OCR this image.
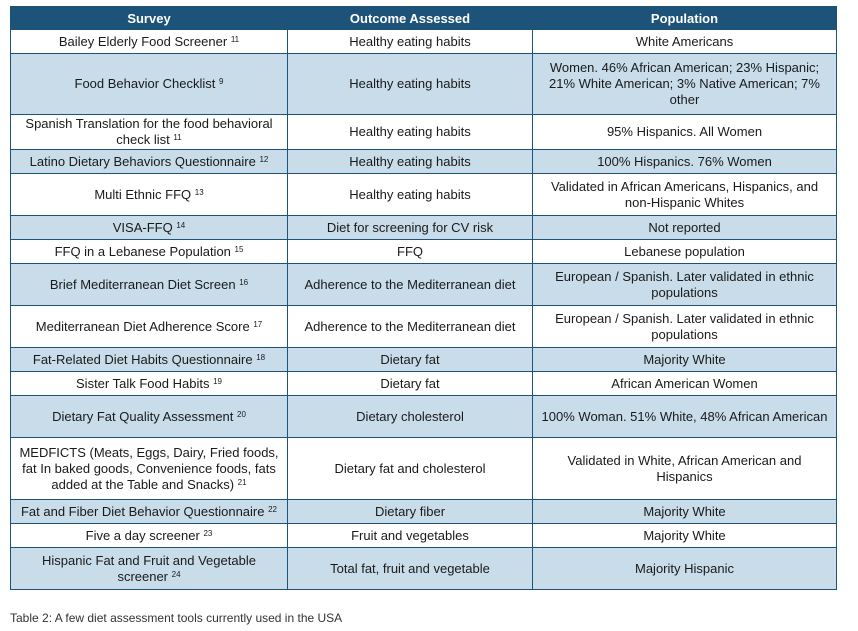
Survey	Outcome Assessed	Population
Bailey Elderly Food Screener $^{11}$	Healthy eating habits	White Americans
Food Behavior Checklist $^9$	Healthy eating habits	Women. 46% African American; 23% Hispanic; 21% White American; 3% Native American; 7% other
Spanish Translation for the food behavioral check list $^{11}$	Healthy eating habits	95% Hispanics. All Women
Latino Dietary Behaviors Questionnaire $^{12}$	Healthy eating habits	100% Hispanics. 76% Women
Multi Ethnic FFQ $^{13}$	Healthy eating habits	Validated in African Americans, Hispanics, and non-Hispanic Whites
VISA-FFQ $^{14}$	Diet for screening for CV risk	Not reported
FFQ in a Lebanese Population $^{15}$	FFQ	Lebanese population
Brief Mediterranean Diet Screen $^{16}$	Adherence to the Mediterranean diet	European / Spanish. Later validated in ethnic populations
Mediterranean Diet Adherence Score $^{17}$	Adherence to the Mediterranean diet	European / Spanish. Later validated in ethnic populations
Fat-Related Diet Habits Questionnaire $^{18}$	Dietary fat	Majority White
Sister Talk Food Habits $^{19}$	Dietary fat	African American Women
Dietary Fat Quality Assessment $^{20}$	Dietary cholesterol	100% Woman. 51% White, 48% African American
MEDFICTS (Meats, Eggs, Dairy, Fried foods, fat In baked goods, Convenience foods, fats added at the Table and Snacks) $^{21}$	Dietary fat and cholesterol	Validated in White, African American and Hispanics
Fat and Fiber Diet Behavior Questionnaire $^{22}$	Dietary fiber	Majority White
Five a day screener $^{23}$	Fruit and vegetables	Majority White
Hispanic Fat and Fruit and Vegetable screener $^{24}$	Total fat, fruit and vegetable	Majority Hispanic
Table 2: A few diet assessment tools currently used in the USA
